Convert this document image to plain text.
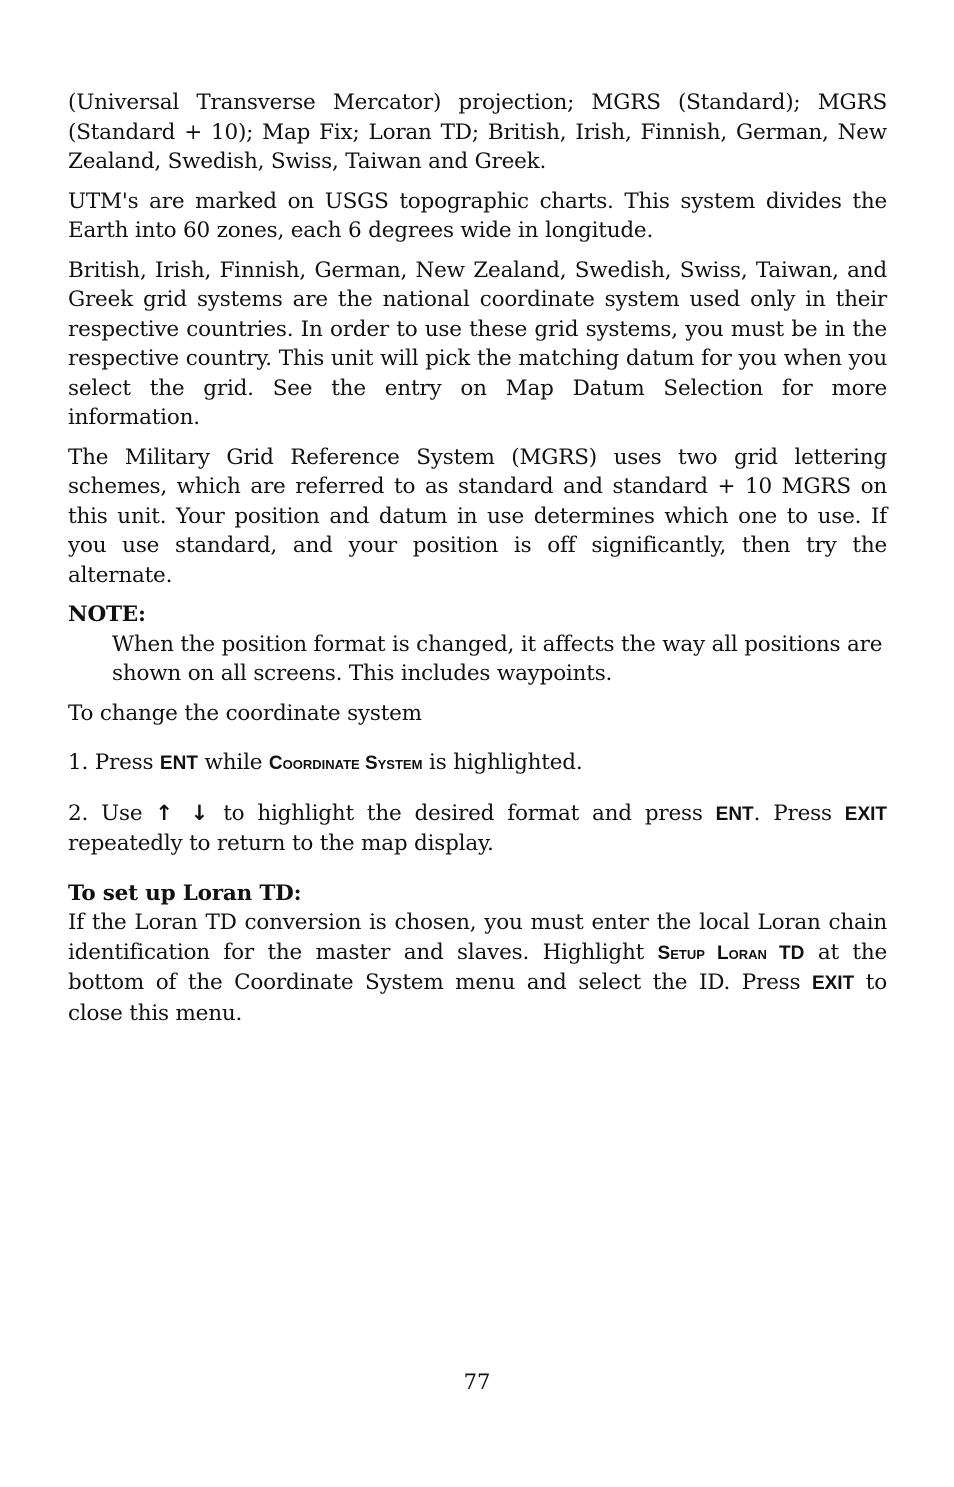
(Universal Transverse Mercator) projection; MGRS (Standard); MGRS (Standard + 10); Map Fix; Loran TD; British, Irish, Finnish, German, New Zealand, Swedish, Swiss, Taiwan and Greek.

UTM's are marked on USGS topographic charts. This system divides the Earth into 60 zones, each 6 degrees wide in longitude.

British, Irish, Finnish, German, New Zealand, Swedish, Swiss, Taiwan, and Greek grid systems are the national coordinate system used only in their respective countries. In order to use these grid systems, you must be in the respective country. This unit will pick the matching datum for you when you select the grid. See the entry on Map Datum Selection for more information.

The Military Grid Reference System (MGRS) uses two grid lettering schemes, which are referred to as standard and standard + 10 MGRS on this unit. Your position and datum in use determines which one to use. If you use standard, and your position is off significantly, then try the alternate.

NOTE:
When the position format is changed, it affects the way all positions are shown on all screens. This includes waypoints.

To change the coordinate system

1. Press ENT while Coordinate System is highlighted.

2. Use ↑ ↓ to highlight the desired format and press ENT. Press EXIT repeatedly to return to the map display.

To set up Loran TD:

If the Loran TD conversion is chosen, you must enter the local Loran chain identification for the master and slaves. Highlight Setup Loran TD at the bottom of the Coordinate System menu and select the ID. Press EXIT to close this menu.

77
